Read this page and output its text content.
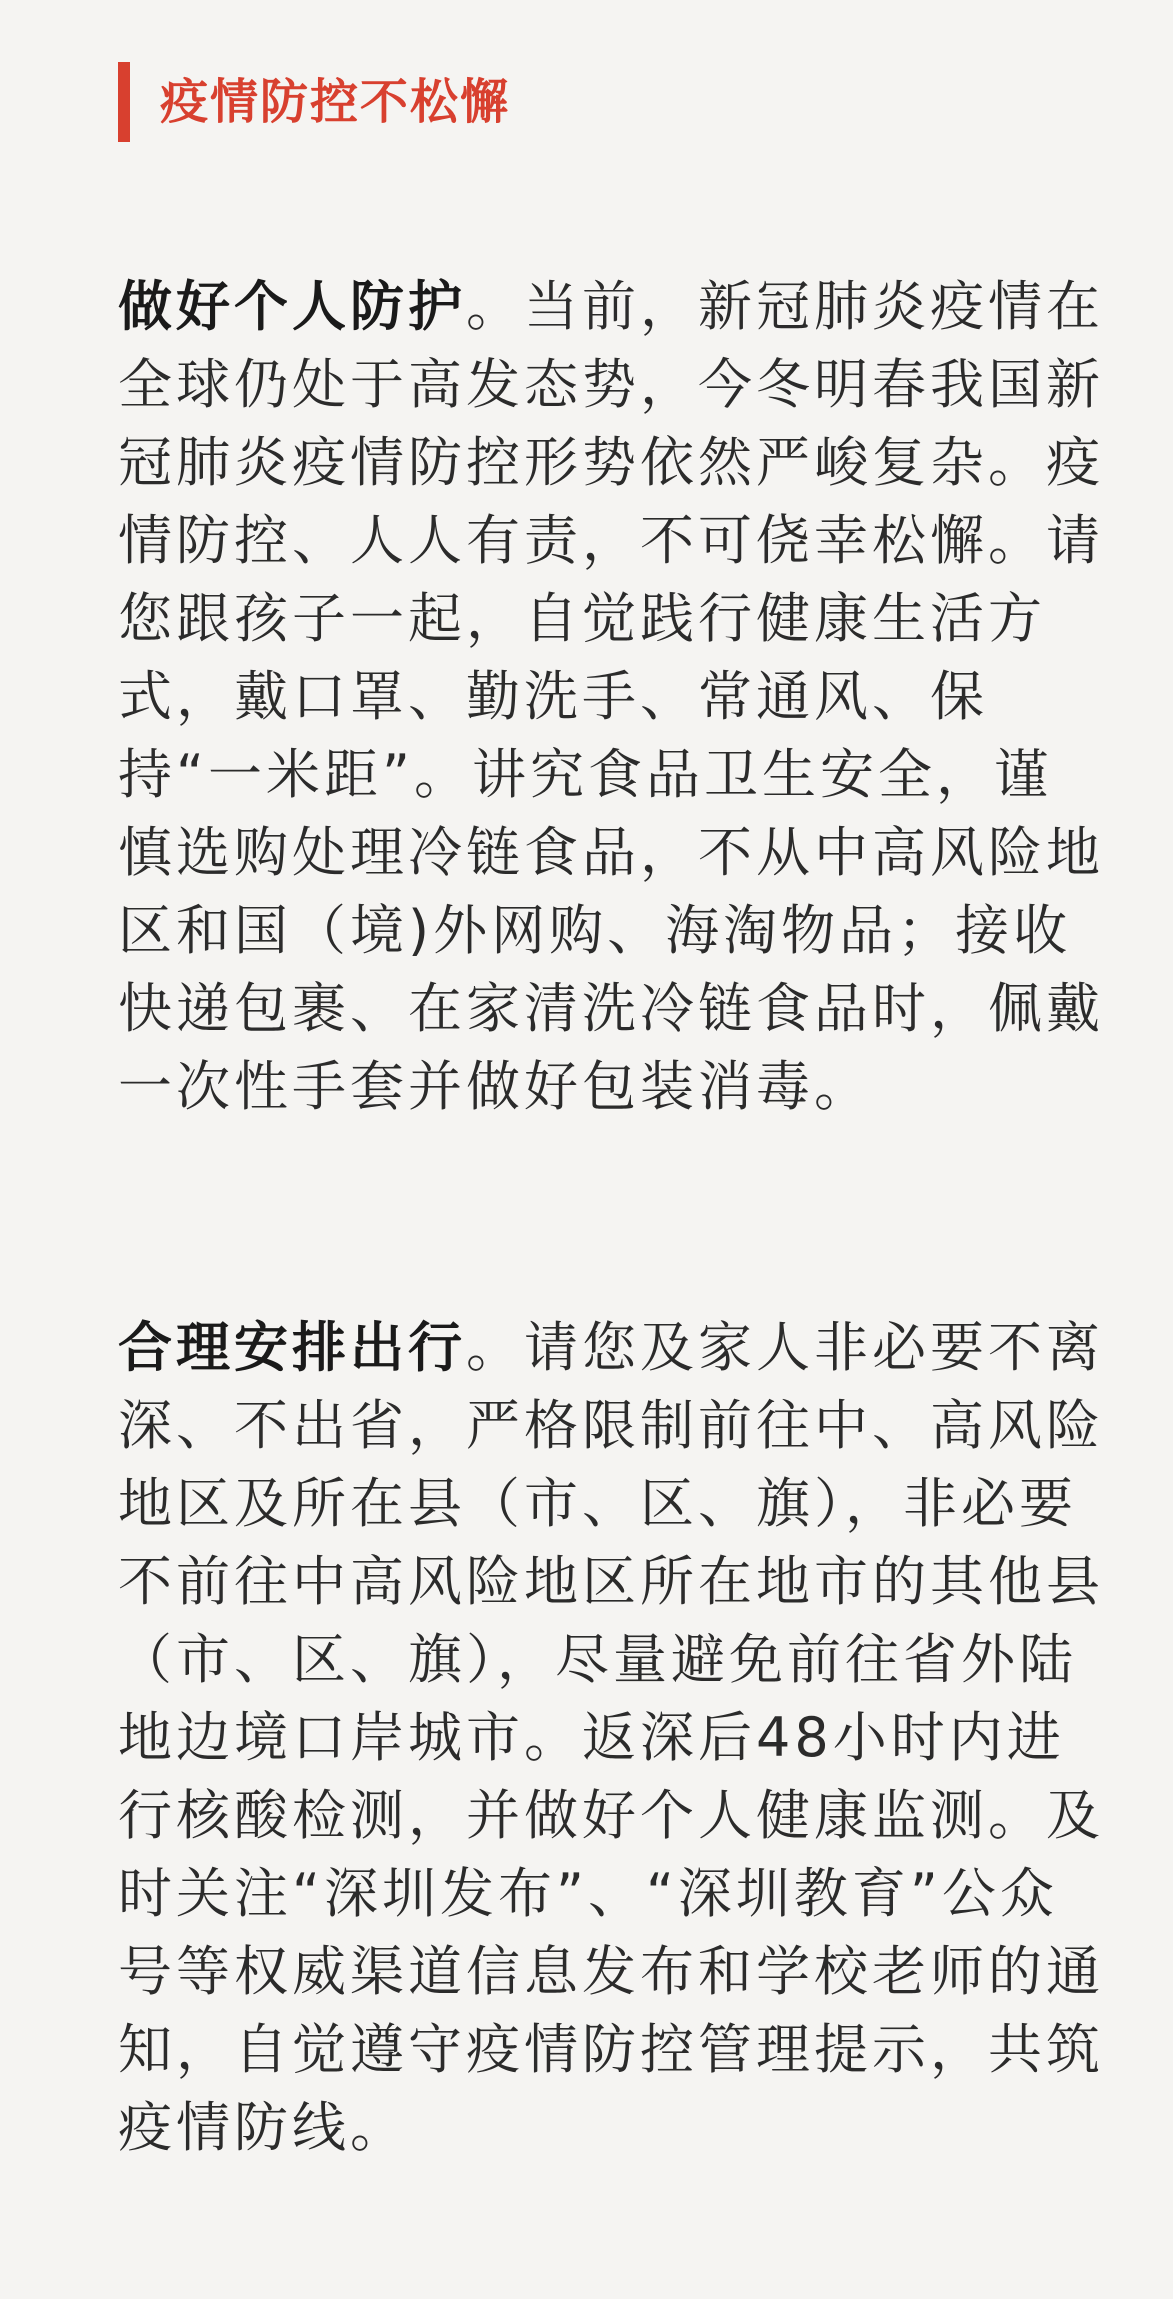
疫情防控不松懈

做好个人防护。当前，新冠肺炎疫情在全球仍处于高发态势，今冬明春我国新冠肺炎疫情防控形势依然严峻复杂。疫情防控、人人有责，不可侥幸松懈。请您跟孩子一起，自觉践行健康生活方式，戴口罩、勤洗手、常通风、保持“一米距”。讲究食品卫生安全，谨慎选购处理冷链食品，不从中高风险地区和国（境)外网购、海淘物品；接收快递包裹、在家清洗冷链食品时，佩戴一次性手套并做好包装消毒。

合理安排出行。请您及家人非必要不离深、不出省，严格限制前往中、高风险地区及所在县（市、区、旗），非必要不前往中高风险地区所在地市的其他县（市、区、旗），尽量避免前往省外陆地边境口岸城市。返深后48小时内进行核酸检测，并做好个人健康监测。及时关注“深圳发布”、“深圳教育”公众号等权威渠道信息发布和学校老师的通知，自觉遵守疫情防控管理提示，共筑疫情防线。
